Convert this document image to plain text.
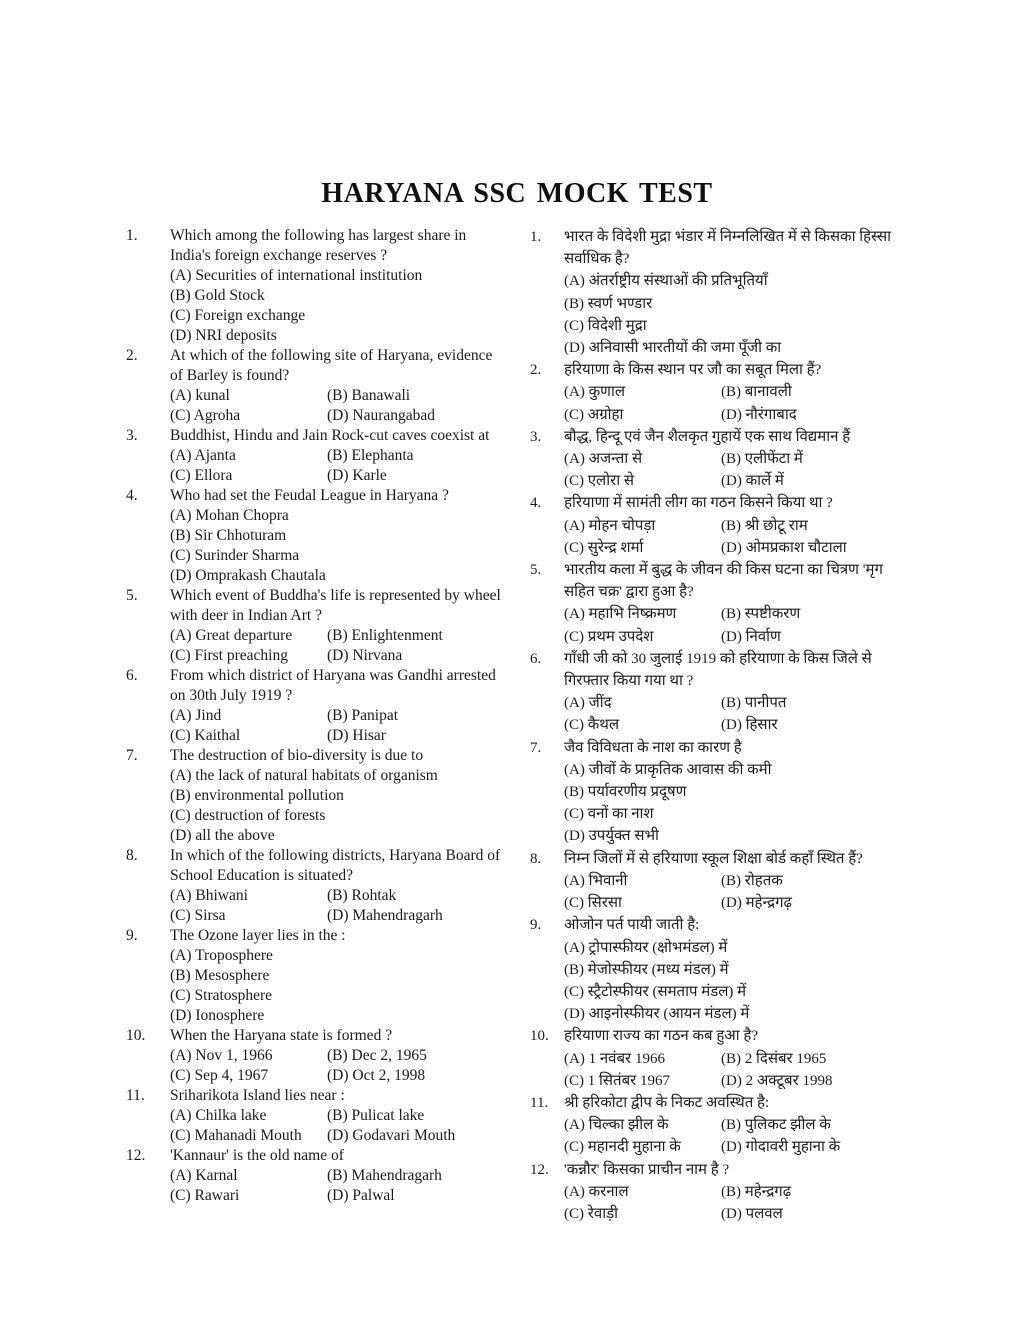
HARYANA SSC MOCK TEST
1.	Which among the following has largest share in India's foreign exchange reserves ?
(A) Securities of international institution
(B) Gold Stock
(C) Foreign exchange
(D) NRI deposits
2.	At which of the following site of Haryana, evidence of Barley is found?
(A) kunal	(B) Banawali
(C) Agroha	(D) Naurangabad
3.	Buddhist, Hindu and Jain Rock-cut caves coexist at
(A) Ajanta	(B) Elephanta
(C) Ellora	(D) Karle
4.	Who had set the Feudal League in Haryana ?
(A) Mohan Chopra
(B) Sir Chhoturam
(C) Surinder Sharma
(D) Omprakash Chautala
5.	Which event of Buddha's life is represented by wheel with deer in Indian Art ?
(A) Great departure	(B) Enlightenment
(C) First preaching	(D) Nirvana
6.	From which district of Haryana was Gandhi arrested on 30th July 1919 ?
(A) Jind	(B) Panipat
(C) Kaithal	(D) Hisar
7.	The destruction of bio-diversity is due to
(A) the lack of natural habitats of organism
(B) environmental pollution
(C) destruction of forests
(D) all the above
8.	In which of the following districts, Haryana Board of School Education is situated?
(A) Bhiwani	(B) Rohtak
(C) Sirsa	(D) Mahendragarh
9.	The Ozone layer lies in the :
(A) Troposphere
(B) Mesosphere
(C) Stratosphere
(D) Ionosphere
10.	When the Haryana state is formed ?
(A) Nov 1, 1966	(B) Dec 2, 1965
(C) Sep 4, 1967	(D) Oct 2, 1998
11.	Sriharikota Island lies near :
(A) Chilka lake	(B) Pulicat lake
(C) Mahanadi Mouth	(D) Godavari Mouth
12.	'Kannaur' is the old name of
(A) Karnal	(B) Mahendragarh
(C) Rawari	(D) Palwal
1.	भारत के विदेशी मुद्रा भंडार में निम्नलिखित में से किसका हिस्सा सर्वाधिक है?
(A) अंतर्राष्ट्रीय संस्थाओं की प्रतिभूतियाँ
(B) स्वर्ण भण्डार
(C) विदेशी मुद्रा
(D) अनिवासी भारतीयों की जमा पूँजी का
2.	हरियाणा के किस स्थान पर जौ का सबूत मिला हैं?
(A) कुणाल	(B) बानावली
(C) अग्रोहा	(D) नौरंगाबाद
3.	बौद्ध, हिन्दू एवं जैन शैलकृत गुहायें एक साथ विद्यमान हैं
(A) अजन्ता से	(B) एलीफेंटा में
(C) एलोरा से	(D) कार्ले में
4.	हरियाणा में सामंती लीग का गठन किसने किया था ?
(A) मोहन चोपड़ा	(B) श्री छोटू राम
(C) सुरेन्द्र शर्मा	(D) ओमप्रकाश चौटाला
5.	भारतीय कला में बुद्ध के जीवन की किस घटना का चित्रण 'मृग सहित चक्र' द्वारा हुआ है?
(A) महाभि निष्क्रमण	(B) स्पष्टीकरण
(C) प्रथम उपदेश	(D) निर्वाण
6.	गाँधी जी को 30 जुलाई 1919 को हरियाणा के किस जिले से गिरफ्तार किया गया था ?
(A) जींद	(B) पानीपत
(C) कैथल	(D) हिसार
7.	जैव विविधता के नाश का कारण है
(A) जीवों के प्राकृतिक आवास की कमी
(B) पर्यावरणीय प्रदूषण
(C) वनों का नाश
(D) उपर्युक्त सभी
8.	निम्न जिलों में से हरियाणा स्कूल शिक्षा बोर्ड कहाँ स्थित हैं?
(A) भिवानी	(B) रोहतक
(C) सिरसा	(D) महेन्द्रगढ़
9.	ओजोन पर्त पायी जाती है:
(A) ट्रोपास्फीयर (क्षोभमंडल) में
(B) मेजोस्फीयर (मध्य मंडल) में
(C) स्ट्रैटोस्फीयर (समताप मंडल) में
(D) आइनोस्फीयर (आयन मंडल) में
10.	हरियाणा राज्य का गठन कब हुआ है?
(A) 1 नवंबर 1966	(B) 2 दिसंबर 1965
(C) 1 सितंबर 1967	(D) 2 अक्टूबर 1998
11.	श्री हरिकोटा द्वीप के निकट अवस्थित है:
(A) चिल्का झील के	(B) पुलिकट झील के
(C) महानदी मुहाना के	(D) गोदावरी मुहाना के
12.	'कन्नौर' किसका प्राचीन नाम है ?
(A) करनाल	(B) महेन्द्रगढ़
(C) रेवाड़ी	(D) पलवल
